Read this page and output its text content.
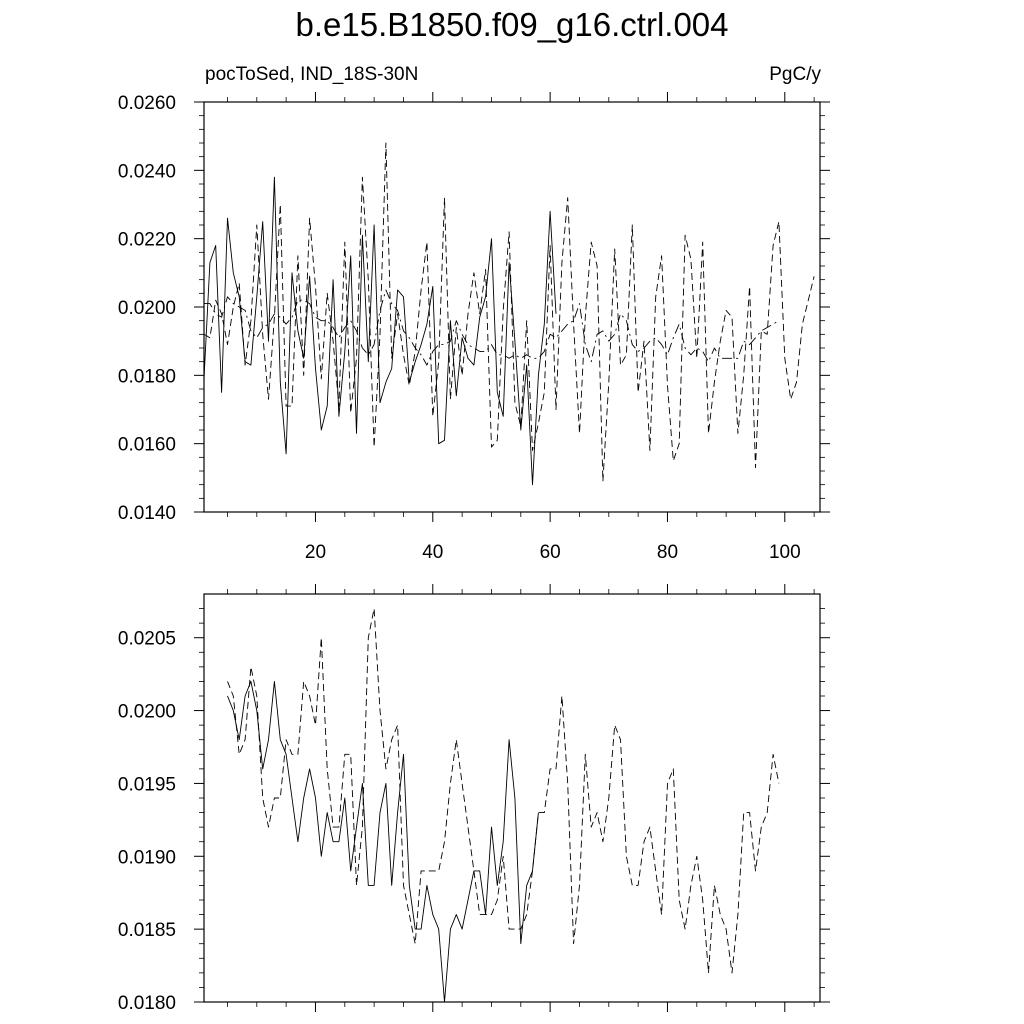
b.e15.B1850.f09_g16.ctrl.004
pocToSed, IND_18S-30N	PgC/y
20	40	60	80	100
0.0140
0.0160
0.0180
0.0200
0.0220
0.0240
0.0260
0.0180
0.0185
0.0190
0.0195
0.0200
0.0205
